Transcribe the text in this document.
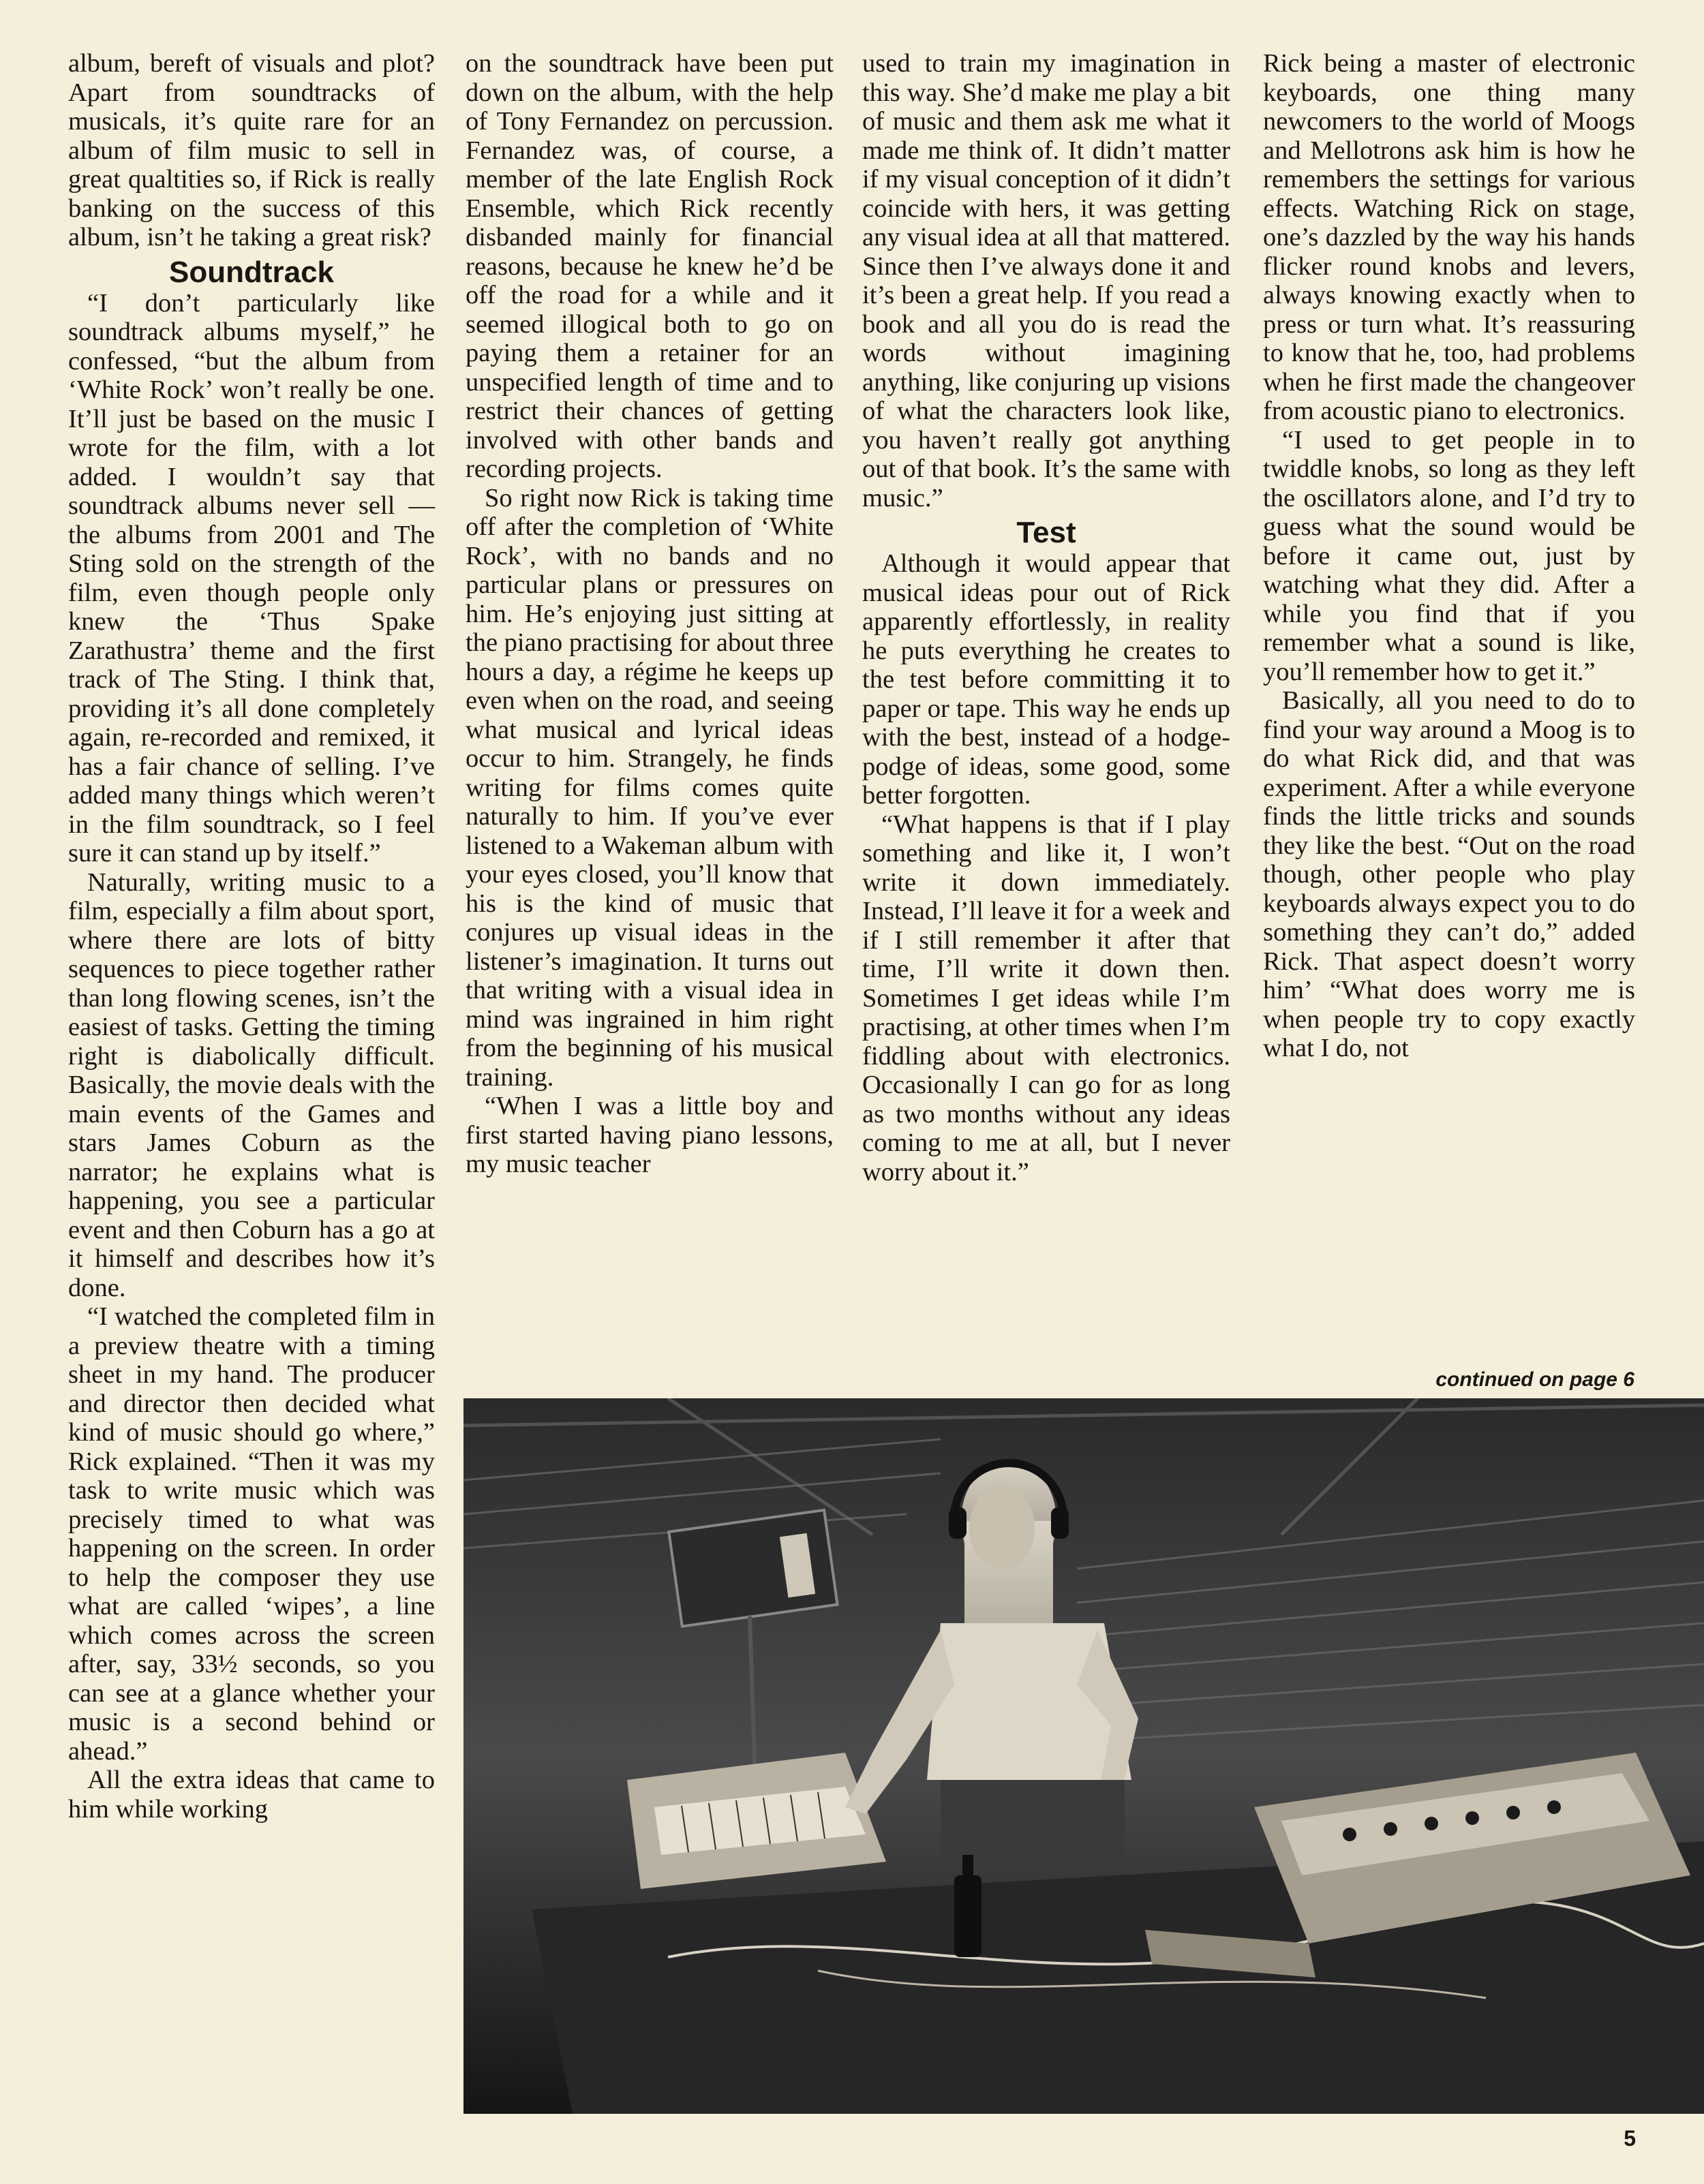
album, bereft of visuals and plot? Apart from soundtracks of musicals, it’s quite rare for an album of film music to sell in great qualtities so, if Rick is really banking on the success of this album, isn’t he taking a great risk?

Soundtrack

“I don’t particularly like soundtrack albums myself,” he confessed, “but the album from ‘White Rock’ won’t really be one. It’ll just be based on the music I wrote for the film, with a lot added. I wouldn’t say that soundtrack albums never sell — the albums from 2001 and The Sting sold on the strength of the film, even though people only knew the ‘Thus Spake Zarathustra’ theme and the first track of The Sting. I think that, providing it’s all done completely again, re-recorded and remixed, it has a fair chance of selling. I’ve added many things which weren’t in the film soundtrack, so I feel sure it can stand up by itself.”

Naturally, writing music to a film, especially a film about sport, where there are lots of bitty sequences to piece together rather than long flowing scenes, isn’t the easiest of tasks. Getting the timing right is diabolically difficult. Basically, the movie deals with the main events of the Games and stars James Coburn as the narrator; he explains what is happening, you see a particular event and then Coburn has a go at it himself and describes how it’s done.

“I watched the completed film in a preview theatre with a timing sheet in my hand. The producer and director then decided what kind of music should go where,” Rick explained. “Then it was my task to write music which was precisely timed to what was happening on the screen. In order to help the composer they use what are called ‘wipes’, a line which comes across the screen after, say, 33½ seconds, so you can see at a glance whether your music is a second behind or ahead.”

All the extra ideas that came to him while working

on the soundtrack have been put down on the album, with the help of Tony Fernandez on percussion. Fernandez was, of course, a member of the late English Rock Ensemble, which Rick recently disbanded mainly for financial reasons, because he knew he’d be off the road for a while and it seemed illogical both to go on paying them a retainer for an unspecified length of time and to restrict their chances of getting involved with other bands and recording projects.

So right now Rick is taking time off after the completion of ‘White Rock’, with no bands and no particular plans or pressures on him. He’s enjoying just sitting at the piano practising for about three hours a day, a régime he keeps up even when on the road, and seeing what musical and lyrical ideas occur to him. Strangely, he finds writing for films comes quite naturally to him. If you’ve ever listened to a Wakeman album with your eyes closed, you’ll know that his is the kind of music that conjures up visual ideas in the listener’s imagination. It turns out that writing with a visual idea in mind was ingrained in him right from the beginning of his musical training.

“When I was a little boy and first started having piano lessons, my music teacher

used to train my imagination in this way. She’d make me play a bit of music and them ask me what it made me think of. It didn’t matter if my visual conception of it didn’t coincide with hers, it was getting any visual idea at all that mattered. Since then I’ve always done it and it’s been a great help. If you read a book and all you do is read the words without imagining anything, like conjuring up visions of what the characters look like, you haven’t really got anything out of that book. It’s the same with music.”

Test

Although it would appear that musical ideas pour out of Rick apparently effortlessly, in reality he puts everything he creates to the test before committing it to paper or tape. This way he ends up with the best, instead of a hodge-podge of ideas, some good, some better forgotten.

“What happens is that if I play something and like it, I won’t write it down immediately. Instead, I’ll leave it for a week and if I still remember it after that time, I’ll write it down then. Sometimes I get ideas while I’m practising, at other times when I’m fiddling about with electronics. Occasionally I can go for as long as two months without any ideas coming to me at all, but I never worry about it.”

Rick being a master of electronic keyboards, one thing many newcomers to the world of Moogs and Mellotrons ask him is how he remembers the settings for various effects. Watching Rick on stage, one’s dazzled by the way his hands flicker round knobs and levers, always knowing exactly when to press or turn what. It’s reassuring to know that he, too, had problems when he first made the changeover from acoustic piano to electronics.

“I used to get people in to twiddle knobs, so long as they left the oscillators alone, and I’d try to guess what the sound would be before it came out, just by watching what they did. After a while you find that if you remember what a sound is like, you’ll remember how to get it.”

Basically, all you need to do to find your way around a Moog is to do what Rick did, and that was experiment. After a while everyone finds the little tricks and sounds they like the best. “Out on the road though, other people who play keyboards always expect you to do something they can’t do,” added Rick. That aspect doesn’t worry him’ “What does worry me is when people try to copy exactly what I do, not

continued on page 6
5
